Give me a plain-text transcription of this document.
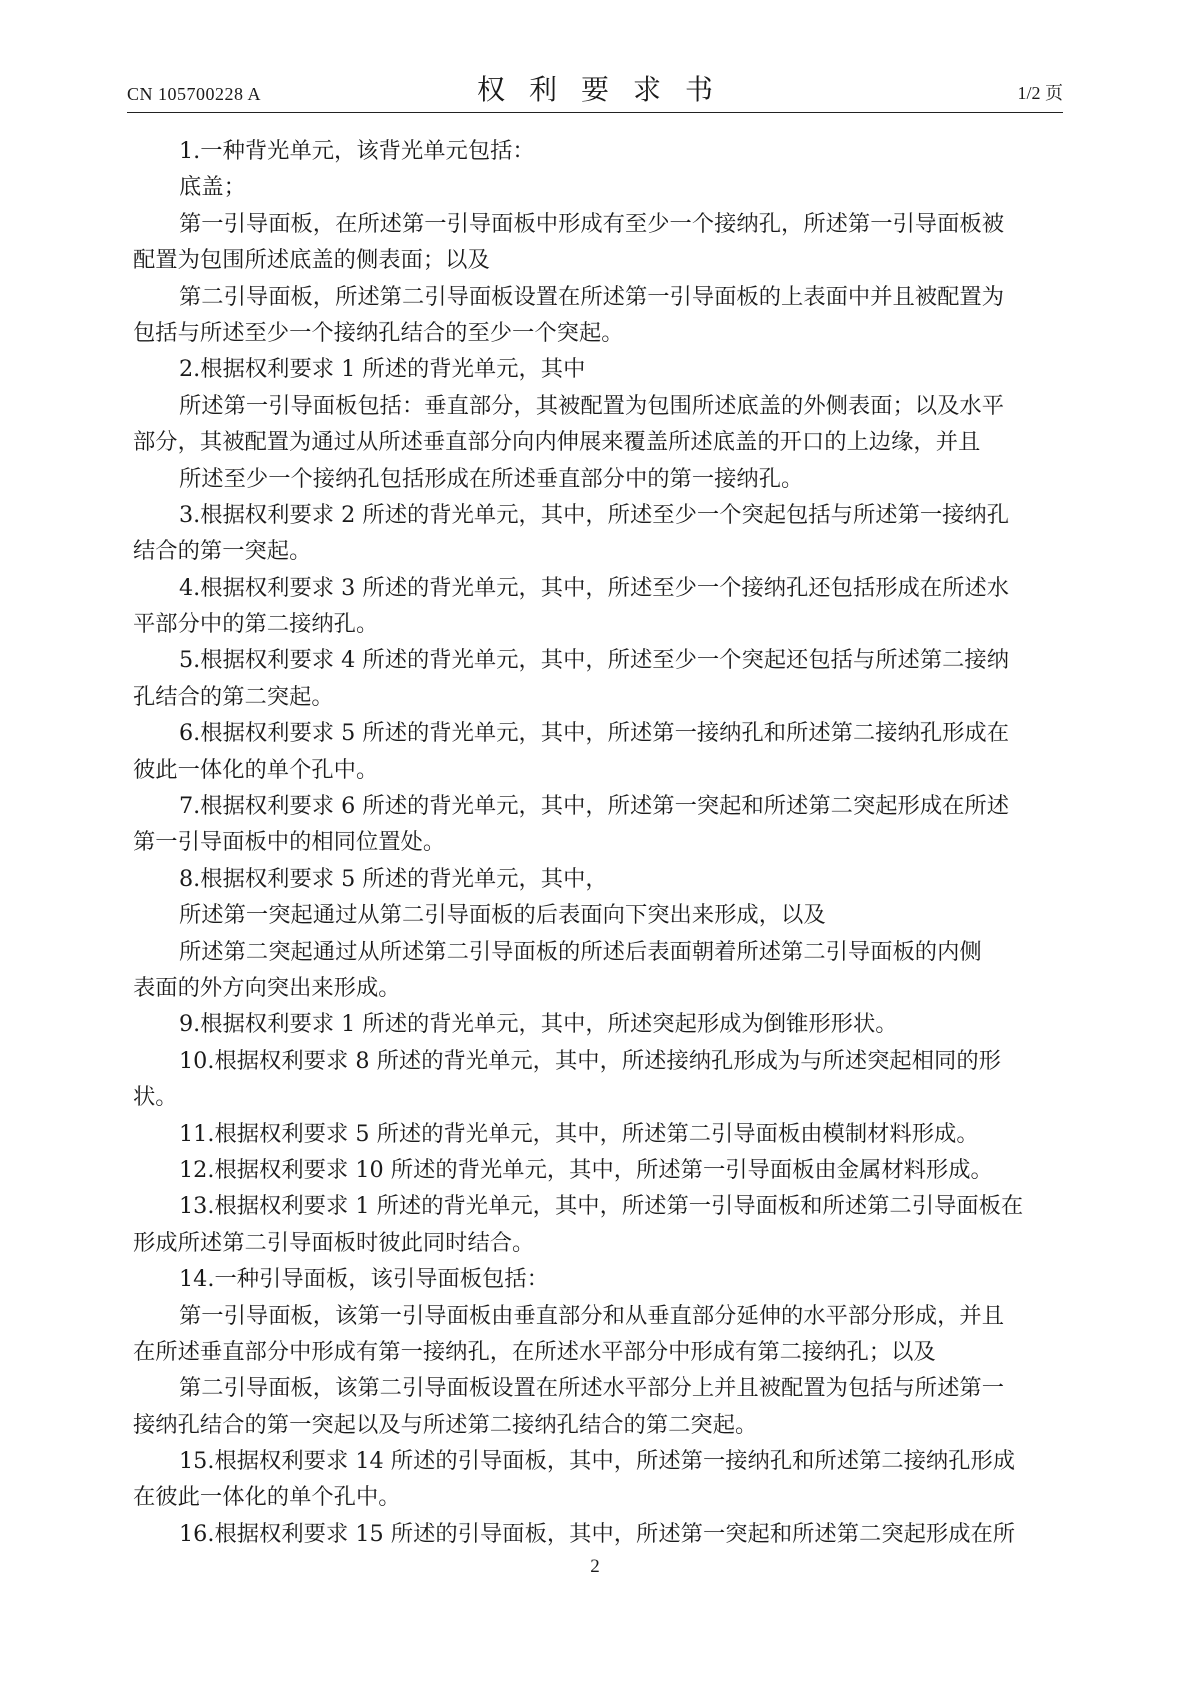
CN 105700228 A	权利要求书	1/2 页
1.一种背光单元，该背光单元包括：
底盖；
第一引导面板，在所述第一引导面板中形成有至少一个接纳孔，所述第一引导面板被
配置为包围所述底盖的侧表面；以及
第二引导面板，所述第二引导面板设置在所述第一引导面板的上表面中并且被配置为
包括与所述至少一个接纳孔结合的至少一个突起。
2.根据权利要求 1 所述的背光单元，其中
所述第一引导面板包括：垂直部分，其被配置为包围所述底盖的外侧表面；以及水平
部分，其被配置为通过从所述垂直部分向内伸展来覆盖所述底盖的开口的上边缘，并且
所述至少一个接纳孔包括形成在所述垂直部分中的第一接纳孔。
3.根据权利要求 2 所述的背光单元，其中，所述至少一个突起包括与所述第一接纳孔
结合的第一突起。
4.根据权利要求 3 所述的背光单元，其中，所述至少一个接纳孔还包括形成在所述水
平部分中的第二接纳孔。
5.根据权利要求 4 所述的背光单元，其中，所述至少一个突起还包括与所述第二接纳
孔结合的第二突起。
6.根据权利要求 5 所述的背光单元，其中，所述第一接纳孔和所述第二接纳孔形成在
彼此一体化的单个孔中。
7.根据权利要求 6 所述的背光单元，其中，所述第一突起和所述第二突起形成在所述
第一引导面板中的相同位置处。
8.根据权利要求 5 所述的背光单元，其中，
所述第一突起通过从第二引导面板的后表面向下突出来形成，以及
所述第二突起通过从所述第二引导面板的所述后表面朝着所述第二引导面板的内侧
表面的外方向突出来形成。
9.根据权利要求 1 所述的背光单元，其中，所述突起形成为倒锥形形状。
10.根据权利要求 8 所述的背光单元，其中，所述接纳孔形成为与所述突起相同的形
状。
11.根据权利要求 5 所述的背光单元，其中，所述第二引导面板由模制材料形成。
12.根据权利要求 10 所述的背光单元，其中，所述第一引导面板由金属材料形成。
13.根据权利要求 1 所述的背光单元，其中，所述第一引导面板和所述第二引导面板在
形成所述第二引导面板时彼此同时结合。
14.一种引导面板，该引导面板包括：
第一引导面板，该第一引导面板由垂直部分和从垂直部分延伸的水平部分形成，并且
在所述垂直部分中形成有第一接纳孔，在所述水平部分中形成有第二接纳孔；以及
第二引导面板，该第二引导面板设置在所述水平部分上并且被配置为包括与所述第一
接纳孔结合的第一突起以及与所述第二接纳孔结合的第二突起。
15.根据权利要求 14 所述的引导面板，其中，所述第一接纳孔和所述第二接纳孔形成
在彼此一体化的单个孔中。
16.根据权利要求 15 所述的引导面板，其中，所述第一突起和所述第二突起形成在所
2
